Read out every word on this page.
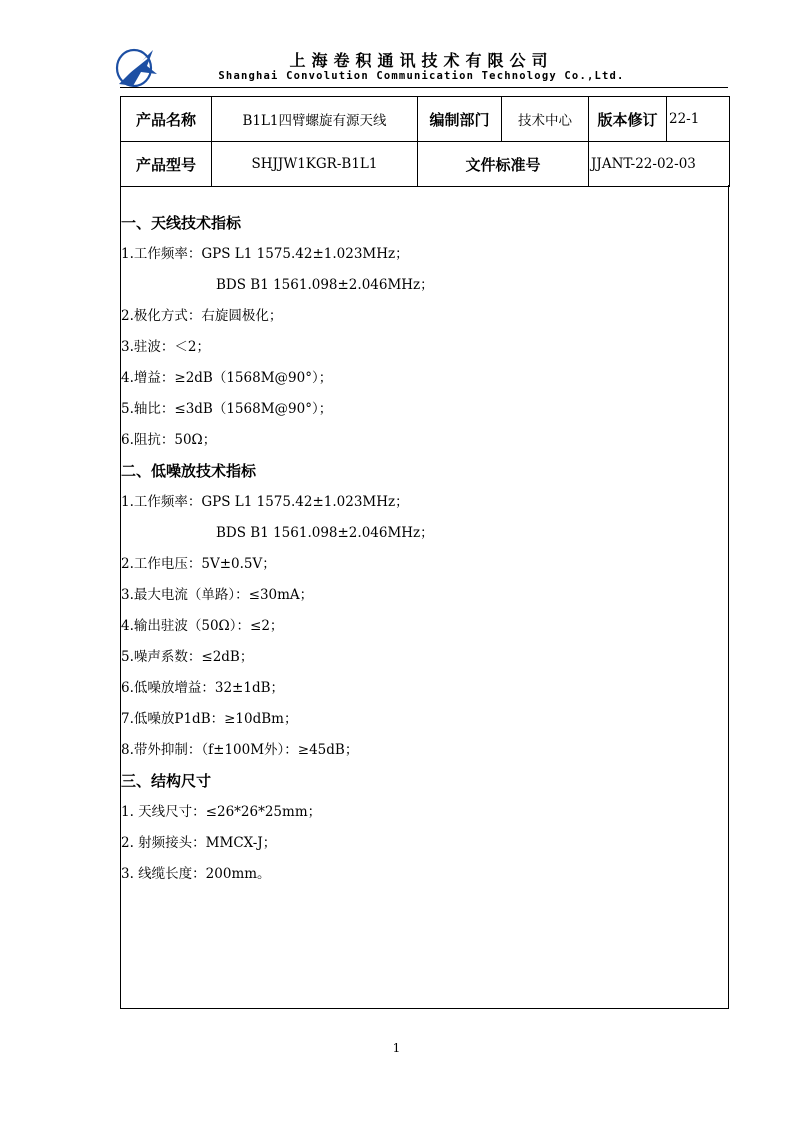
上海卷积通讯技术有限公司
Shanghai Convolution Communication Technology Co.,Ltd.
产品名称	B1L1四臂螺旋有源天线	编制部门	技术中心	版本修订	22-1
产品型号	SHJJW1KGR-B1L1	文件标准号		JJANT-22-02-03	
一、天线技术指标
1.工作频率：GPS L1 1575.42±1.023MHz；
BDS B1 1561.098±2.046MHz；
2.极化方式：右旋圆极化；
3.驻波：＜2；
4.增益：≥2dB（1568M@90°）；
5.轴比：≤3dB（1568M@90°）；
6.阻抗：50Ω；
二、低噪放技术指标
1.工作频率：GPS L1 1575.42±1.023MHz；
BDS B1 1561.098±2.046MHz；
2.工作电压：5V±0.5V；
3.最大电流（单路）：≤30mA；
4.输出驻波（50Ω）：≤2；
5.噪声系数：≤2dB；
6.低噪放增益：32±1dB；
7.低噪放P1dB：≥10dBm；
8.带外抑制：（f±100M外）：≥45dB；
三、结构尺寸
1. 天线尺寸：≤26*26*25mm；
2. 射频接头：MMCX-J；
3. 线缆长度：200mm。
1
